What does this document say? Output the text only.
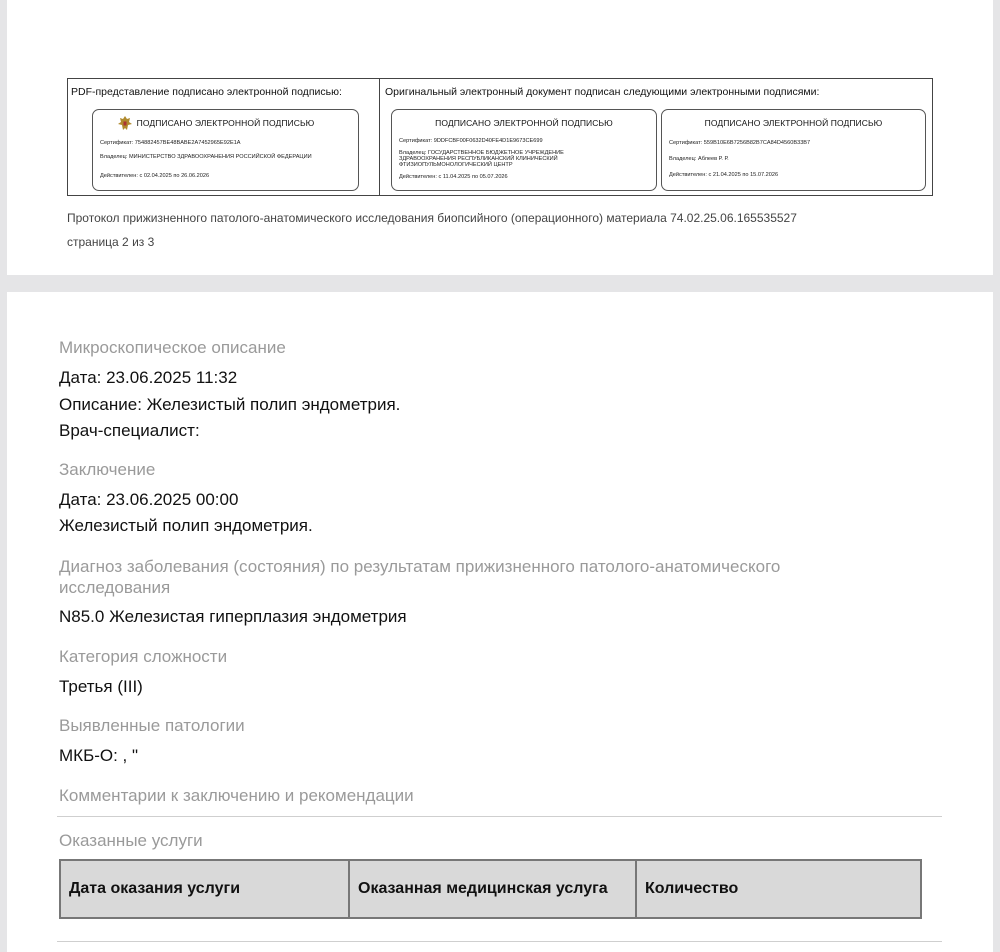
PDF-представление подписано электронной подписью:	Оригинальный электронный документ подписан следующими электронными подписями:
ПОДПИСАНО ЭЛЕКТРОННОЙ ПОДПИСЬЮ
Сертификат: 754882457BE48BABE2A7452965E92E1A
Владелец: МИНИСТЕРСТВО ЗДРАВООХРАНЕНИЯ РОССИЙСКОЙ ФЕДЕРАЦИИ
Действителен: с 02.04.2025 по 26.06.2026
ПОДПИСАНО ЭЛЕКТРОННОЙ ПОДПИСЬЮ
Сертификат: 9DDFCBF00F0632D40FE4D1E9673CE699
Владелец: ГОСУДАРСТВЕННОЕ БЮДЖЕТНОЕ УЧРЕЖДЕНИЕ ЗДРАВООХРАНЕНИЯ РЕСПУБЛИКАНСКИЙ КЛИНИЧЕСКИЙ ФТИЗИОПУЛЬМОНОЛОГИЧЕСКИЙ ЦЕНТР
Действителен: с 11.04.2025 по 05.07.2026
ПОДПИСАНО ЭЛЕКТРОННОЙ ПОДПИСЬЮ
Сертификат: 559B10E6B7256B82B7CA84D4560B33B7
Владелец: Аблеев Р. Р.
Действителен: с 21.04.2025 по 15.07.2026
Протокол прижизненного патолого-анатомического исследования биопсийного (операционного) материала 74.02.25.06.165535527
страница 2 из 3
Микроскопическое описание
Дата: 23.06.2025 11:32
Описание: Железистый полип эндометрия.
Врач-специалист:
Заключение
Дата: 23.06.2025 00:00
Железистый полип эндометрия.
Диагноз заболевания (состояния) по результатам прижизненного патолого-анатомического
исследования
N85.0 Железистая гиперплазия эндометрия
Категория сложности
Третья (III)
Выявленные патологии
МКБ-О: , "
Комментарии к заключению и рекомендации
Оказанные услуги
Дата оказания услуги	Оказанная медицинская услуга	Количество
